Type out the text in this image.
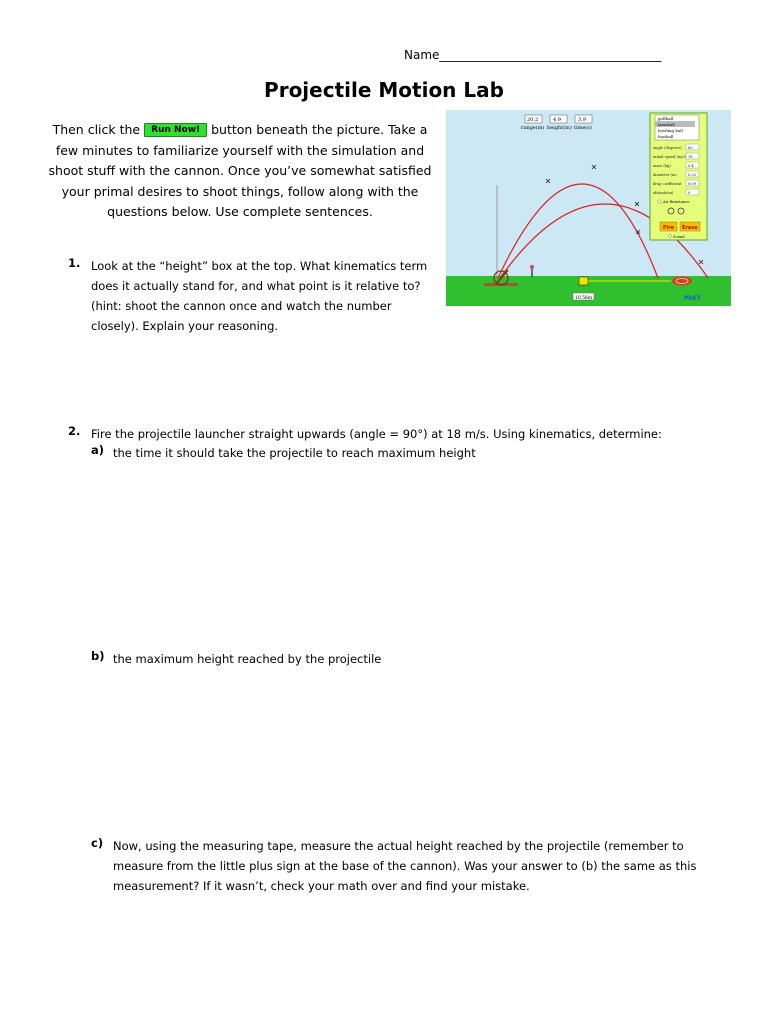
Name_____________________________________
Projectile Motion Lab
Then click the Run Now! button beneath the picture. Take a few minutes to familiarize yourself with the simulation and shoot stuff with the cannon. Once you’ve somewhat satisfied your primal desires to shoot things, follow along with the questions below. Use complete sentences.
20.2
range(m)
4.9
height(m)
3.9
time(s)
10.56m	PhET
golfball
baseball
bowling ball
football
angle (degrees) 60
initial speed (m/s) 18
mass (kg)	0.4
diameter (m)	0.25
drag coefficient 0.09
altitude(m)	0
Air Resistance
Fire Erase
Sound
1. Look at the “height” box at the top. What kinematics term does it actually stand for, and what point is it relative to? (hint: shoot the cannon once and watch the number closely). Explain your reasoning.
2. Fire the projectile launcher straight upwards (angle = 90°) at 18 m/s. Using kinematics, determine:
a) the time it should take the projectile to reach maximum height
b) the maximum height reached by the projectile
c) Now, using the measuring tape, measure the actual height reached by the projectile (remember to measure from the little plus sign at the base of the cannon). Was your answer to (b) the same as this measurement? If it wasn’t, check your math over and find your mistake.
